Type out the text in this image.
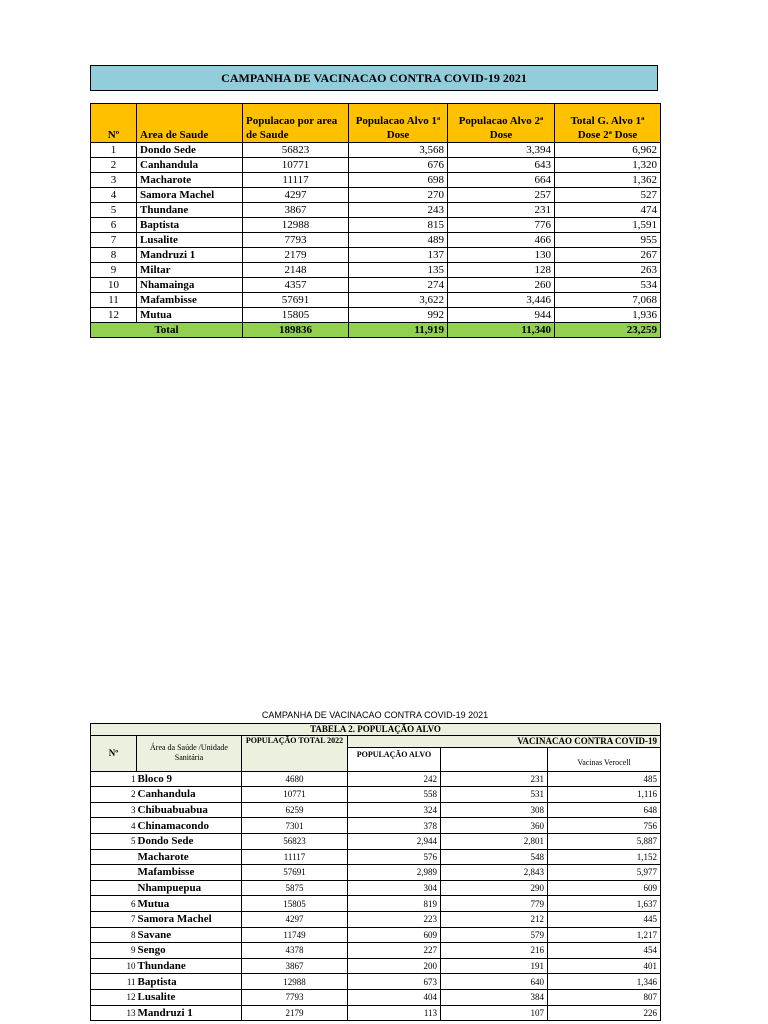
CAMPANHA DE VACINACAO CONTRA COVID-19 2021
Nº	Area de Saude	Populacao por area de Saude	Populacao Alvo 1ª Dose	Populacao Alvo 2ª Dose	Total G. Alvo 1ª Dose 2ª Dose
1	Dondo Sede	56823	3,568	3,394	6,962
2	Canhandula	10771	676	643	1,320
3	Macharote	11117	698	664	1,362
4	Samora Machel	4297	270	257	527
5	Thundane	3867	243	231	474
6	Baptista	12988	815	776	1,591
7	Lusalite	7793	489	466	955
8	Mandruzi 1	2179	137	130	267
9	Miltar	2148	135	128	263
10	Nhamainga	4357	274	260	534
11	Mafambisse	57691	3,622	3,446	7,068
12	Mutua	15805	992	944	1,936
Total		189836	11,919	11,340	23,259
CAMPANHA DE VACINACAO CONTRA COVID-19 2021
TABELA 2. POPULAÇÃO ALVO					
Nº	Área da Saúde /Unidade Sanitária	POPULAÇÃO TOTAL 2022	VACINACAO CONTRA COVID-19		
			POPULAÇÃO ALVO		
					Vacinas Verocell
1	Bloco 9	4680	242	231	485
2	Canhandula	10771	558	531	1,116
3	Chibuabuabua	6259	324	308	648
4	Chinamacondo	7301	378	360	756
5	Dondo Sede	56823	2,944	2,801	5,887
	Macharote	11117	576	548	1,152
	Mafambisse	57691	2,989	2,843	5,977
	Nhampuepua	5875	304	290	609
6	Mutua	15805	819	779	1,637
7	Samora Machel	4297	223	212	445
8	Savane	11749	609	579	1,217
9	Sengo	4378	227	216	454
10	Thundane	3867	200	191	401
11	Baptista	12988	673	640	1,346
12	Lusalite	7793	404	384	807
13	Mandruzi 1	2179	113	107	226
